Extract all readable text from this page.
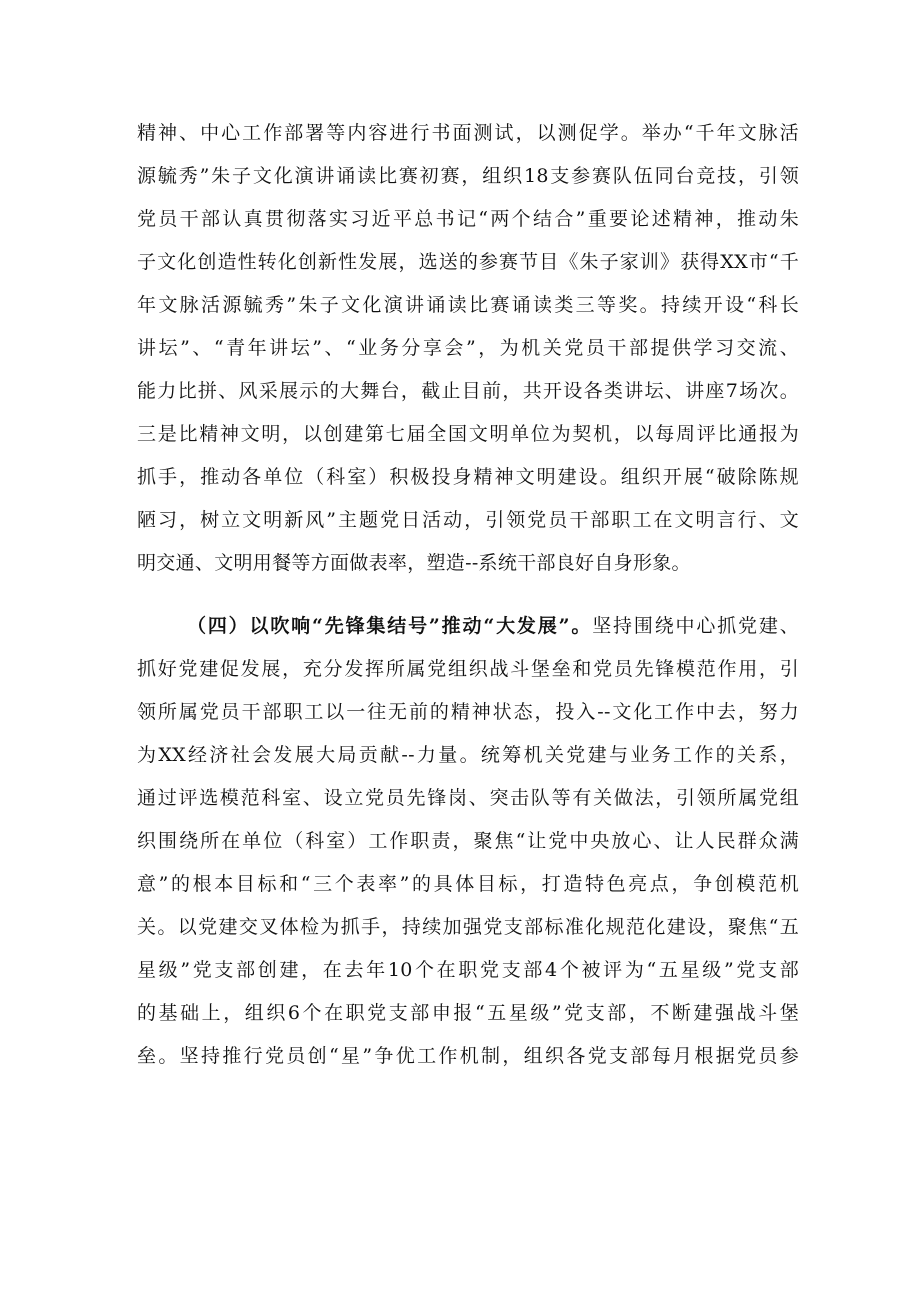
精神、中心工作部署等内容进行书面测试，以测促学。举办“千年文脉活
源毓秀”朱子文化演讲诵读比赛初赛，组织18支参赛队伍同台竞技，引领
党员干部认真贯彻落实习近平总书记“两个结合”重要论述精神，推动朱
子文化创造性转化创新性发展，选送的参赛节目《朱子家训》获得XX市“千
年文脉活源毓秀”朱子文化演讲诵读比赛诵读类三等奖。持续开设“科长
讲坛”、“青年讲坛”、“业务分享会”，为机关党员干部提供学习交流、
能力比拼、风采展示的大舞台，截止目前，共开设各类讲坛、讲座7场次。
三是比精神文明，以创建第七届全国文明单位为契机，以每周评比通报为
抓手，推动各单位（科室）积极投身精神文明建设。组织开展“破除陈规
陋习，树立文明新风”主题党日活动，引领党员干部职工在文明言行、文
明交通、文明用餐等方面做表率，塑造--系统干部良好自身形象。
（四）以吹响“先锋集结号”推动“大发展”。坚持围绕中心抓党建、
抓好党建促发展，充分发挥所属党组织战斗堡垒和党员先锋模范作用，引
领所属党员干部职工以一往无前的精神状态，投入--文化工作中去，努力
为XX经济社会发展大局贡献--力量。统筹机关党建与业务工作的关系，
通过评选模范科室、设立党员先锋岗、突击队等有关做法，引领所属党组
织围绕所在单位（科室）工作职责，聚焦“让党中央放心、让人民群众满
意”的根本目标和“三个表率”的具体目标，打造特色亮点，争创模范机
关。以党建交叉体检为抓手，持续加强党支部标准化规范化建设，聚焦“五
星级”党支部创建，在去年10个在职党支部4个被评为“五星级”党支部
的基础上，组织6个在职党支部申报“五星级”党支部，不断建强战斗堡
垒。坚持推行党员创“星”争优工作机制，组织各党支部每月根据党员参
